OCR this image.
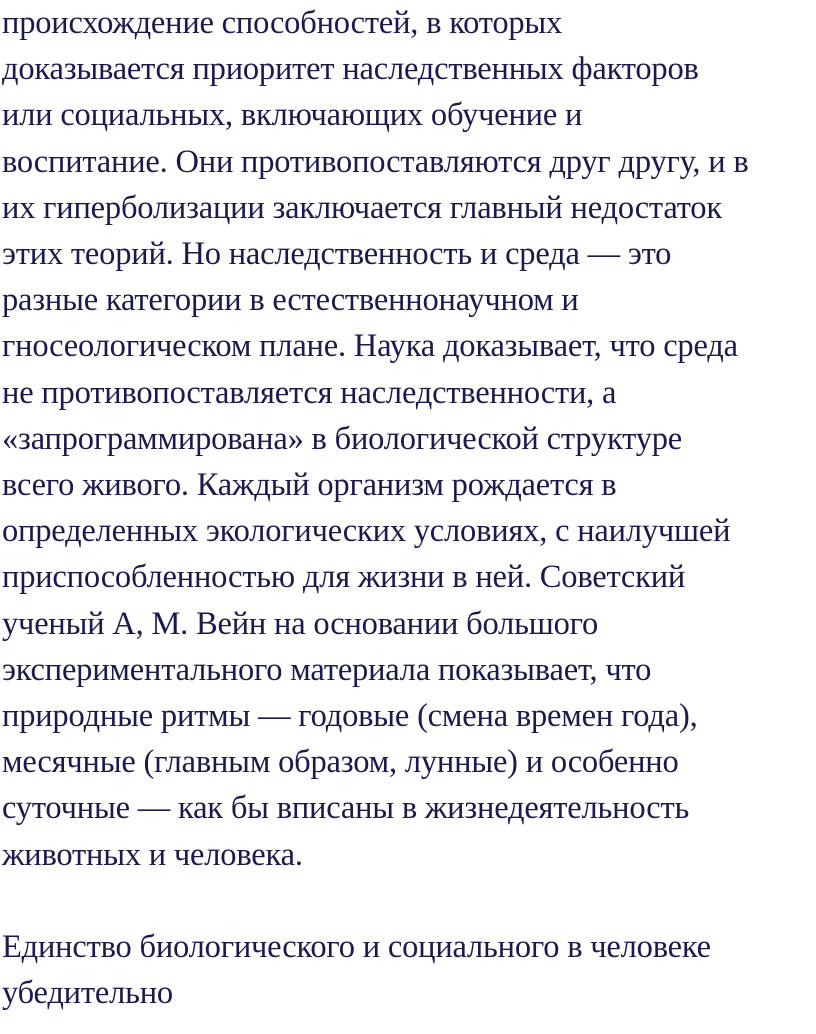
происхождение способностей, в которых
доказывается приоритет наследственных факторов
или социальных, включающих обучение и
воспитание. Они противопоставляются друг другу, и в
их гиперболизации заключается главный недостаток
этих теорий. Но наследственность и среда — это
разные категории в естественнонаучном и
гносеологическом плане. Наука доказывает, что среда
не противопоставляется наследственности, а
«запрограммирована» в биологической структуре
всего живого. Каждый организм рождается в
определенных экологических условиях, с наилучшей
приспособленностью для жизни в ней. Советский
ученый А, М. Вейн на основании большого
экспериментального материала показывает, что
природные ритмы — годовые (смена времен года),
месячные (главным образом, лунные) и особенно
суточные — как бы вписаны в жизнедеятельность
животных и человека.

Единство биологического и социального в человеке
убедительно
